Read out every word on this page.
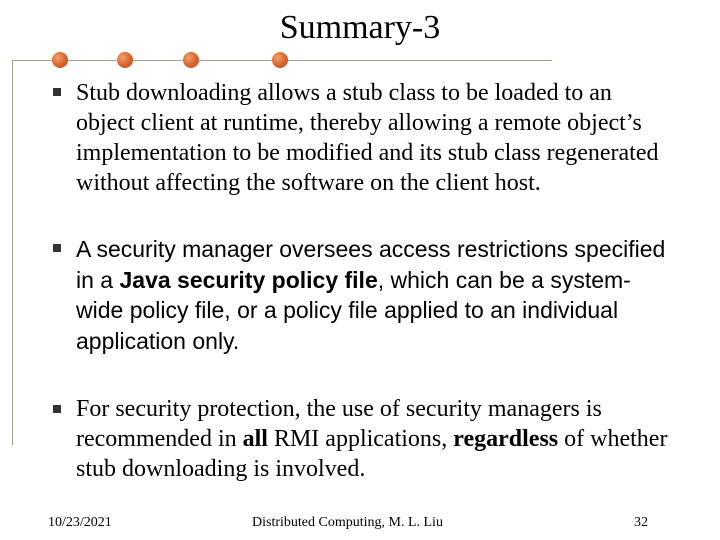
Summary-3

Stub downloading allows a stub class to be loaded to an object client at runtime, thereby allowing a remote object’s implementation to be modified and its stub class regenerated without affecting the software on the client host.

A security manager oversees access restrictions specified in a Java security policy file, which can be a system-wide policy file, or a policy file applied to an individual application only.

For security protection, the use of security managers is recommended in all RMI applications, regardless of whether stub downloading is involved.

10/23/2021	Distributed Computing, M. L. Liu	32
